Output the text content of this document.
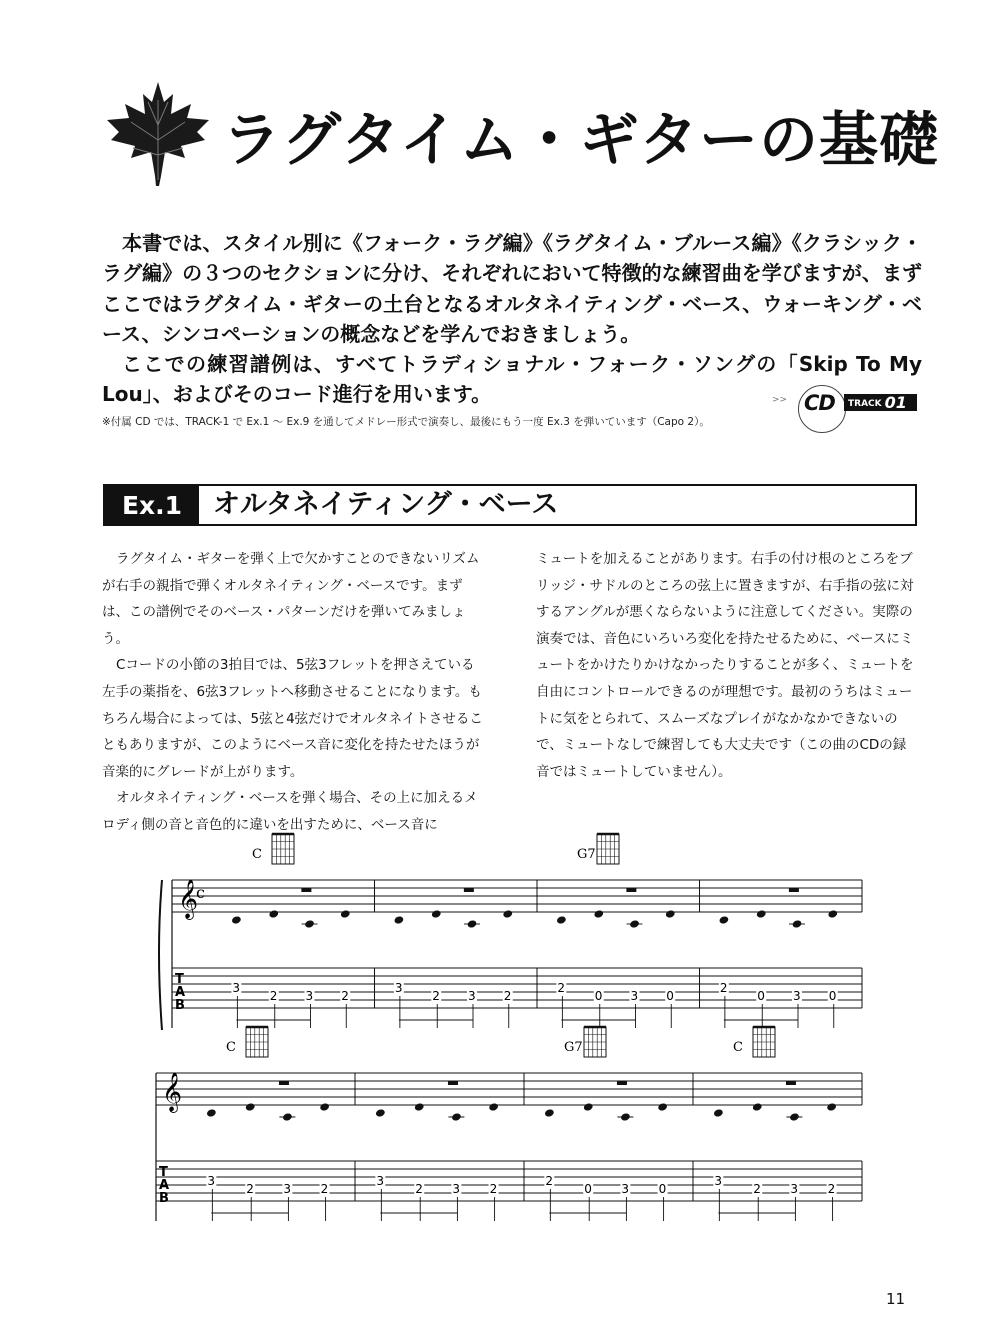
ラグタイム・ギターの基礎

本書では、スタイル別に《フォーク・ラグ編》《ラグタイム・ブルース編》《クラシック・ラグ編》の３つのセクションに分け、それぞれにおいて特徴的な練習曲を学びますが、まずここではラグタイム・ギターの土台となるオルタネイティング・ベース、ウォーキング・ベース、シンコペーションの概念などを学んでおきましょう。

ここでの練習譜例は、すべてトラディショナル・フォーク・ソングの「Skip To My Lou」、およびそのコード進行を用います。

※付属 CD では、TRACK-1 で Ex.1 ～ Ex.9 を通してメドレー形式で演奏し、最後にもう一度 Ex.3 を弾いています（Capo 2）。
>> CD	TRACK 01
Ex.1	オルタネイティング・ベース

ラグタイム・ギターを弾く上で欠かすことのできないリズムが右手の親指で弾くオルタネイティング・ベースです。まずは、この譜例でそのベース・パターンだけを弾いてみましょう。

Cコードの小節の3拍目では、5弦3フレットを押さえている左手の薬指を、6弦3フレットへ移動させることになります。もちろん場合によっては、5弦と4弦だけでオルタネイトさせることもありますが、このようにベース音に変化を持たせたほうが音楽的にグレードが上がります。

オルタネイティング・ベースを弾く場合、その上に加えるメロディ側の音と音色的に違いを出すために、ベース音に

ミュートを加えることがあります。右手の付け根のところをブリッジ・サドルのところの弦上に置きますが、右手指の弦に対するアングルが悪くならないように注意してください。実際の演奏では、音色にいろいろ変化を持たせるために、ベースにミュートをかけたりかけなかったりすることが多く、ミュートを自由にコントロールできるのが理想です。最初のうちはミュートに気をとられて、スムーズなプレイがなかなかできないので、ミュートなしで練習しても大丈夫です（この曲のCDの録音ではミュートしていません）。

𝄞
c
T
A
B
C
3
2 3 2
3
2 3 2
G7
2
0 3 0
2
0 3 0
𝄞
T
A
B
C
3
2 3 2
3
2 3 2
G7
2
0 3 0
C
3
2 3 2
11
